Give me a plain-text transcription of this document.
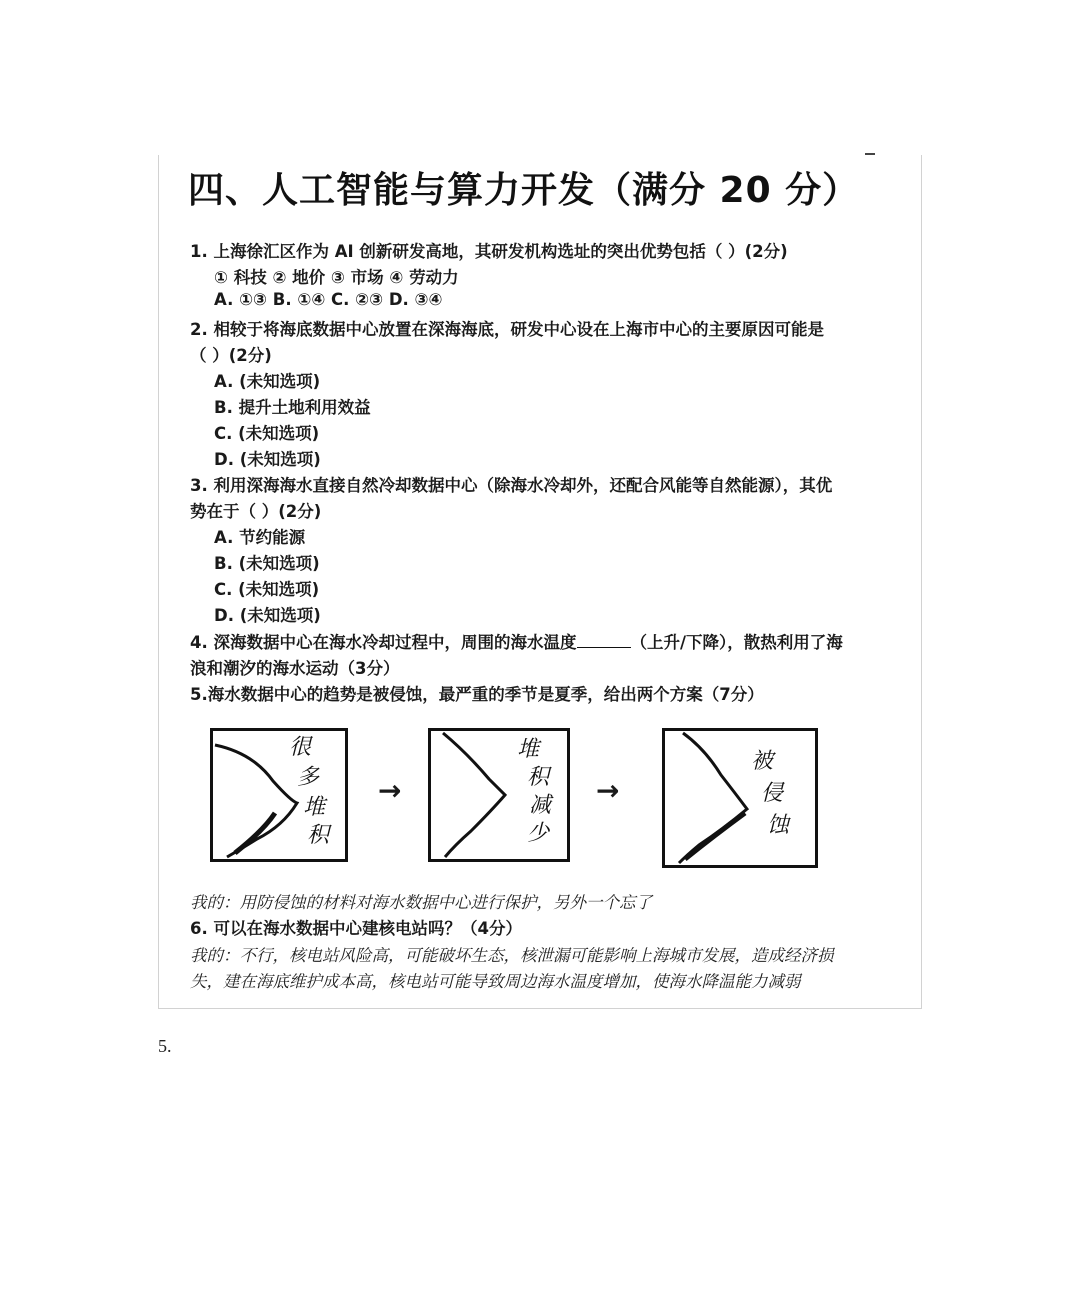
四、人工智能与算力开发（满分 20 分）
1. 上海徐汇区作为 AI 创新研发高地，其研发机构选址的突出优势包括（ ）(2分)
① 科技 ② 地价 ③ 市场 ④ 劳动力
A. ①③ B. ①④ C. ②③ D. ③④
2. 相较于将海底数据中心放置在深海海底，研发中心设在上海市中心的主要原因可能是
（ ）(2分)
A. (未知选项)
B. 提升土地利用效益
C. (未知选项)
D. (未知选项)
3. 利用深海海水直接自然冷却数据中心（除海水冷却外，还配合风能等自然能源），其优
势在于（ ）(2分)
A. 节约能源
B. (未知选项)
C. (未知选项)
D. (未知选项)
4. 深海数据中心在海水冷却过程中，周围的海水温度	（上升/下降），散热利用了海
浪和潮汐的海水运动（3分）
5.海水数据中心的趋势是被侵蚀，最严重的季节是夏季，给出两个方案（7分）
很
多
堆
积
→
堆
积
减
少
→
被
侵
蚀
我的：用防侵蚀的材料对海水数据中心进行保护，另外一个忘了
6. 可以在海水数据中心建核电站吗？（4分）
我的：不行，核电站风险高，可能破坏生态，核泄漏可能影响上海城市发展，造成经济损
失，建在海底维护成本高，核电站可能导致周边海水温度增加，使海水降温能力减弱
5.
